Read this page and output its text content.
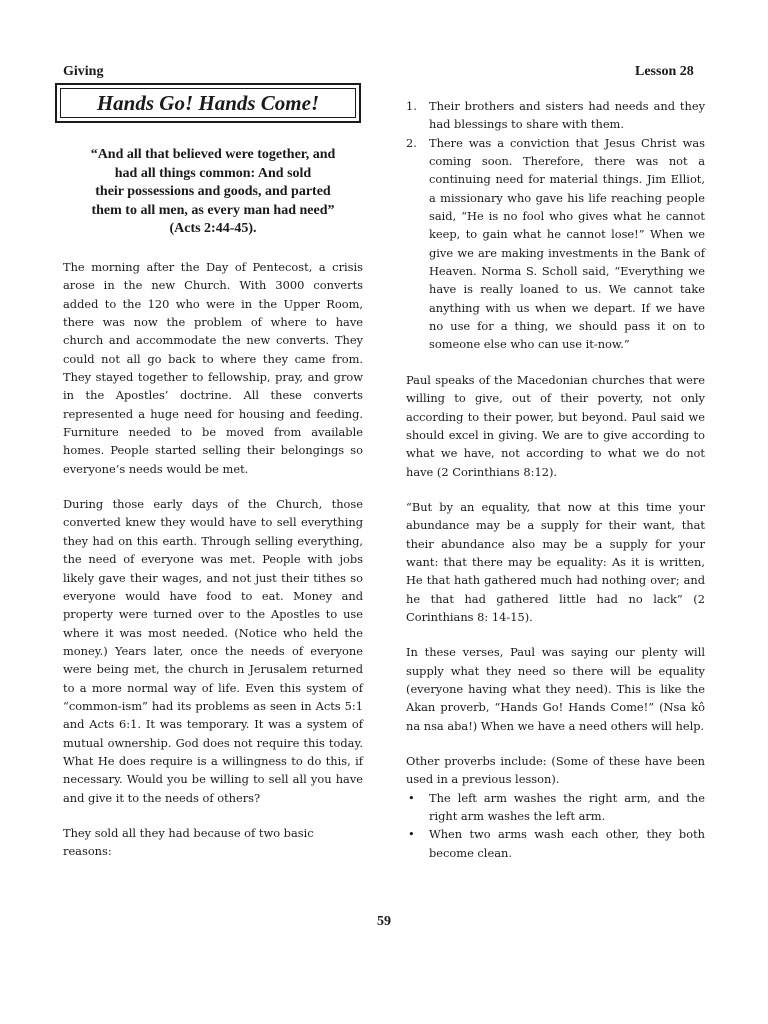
Giving	Lesson 28
Hands Go! Hands Come!
“And all that believed were together, and
had all things common: And sold
their possessions and goods, and parted
them to all men, as every man had need”
(Acts 2:44-45).

The morning after the Day of Pentecost, a crisis arose in the new Church. With 3000 converts added to the 120 who were in the Upper Room, there was now the problem of where to have church and accommodate the new converts. They could not all go back to where they came from. They stayed together to fellowship, pray, and grow in the Apostles’ doctrine. All these converts represented a huge need for housing and feeding. Furniture needed to be moved from available homes. People started selling their belongings so everyone’s needs would be met.

During those early days of the Church, those converted knew they would have to sell everything they had on this earth. Through selling everything, the need of everyone was met. People with jobs likely gave their wages, and not just their tithes so everyone would have food to eat. Money and property were turned over to the Apostles to use where it was most needed. (Notice who held the money.) Years later, once the needs of everyone were being met, the church in Jerusalem returned to a more normal way of life. Even this system of “common-ism” had its problems as seen in Acts 5:1 and Acts 6:1. It was temporary. It was a system of mutual ownership. God does not require this today. What He does require is a willingness to do this, if necessary. Would you be willing to sell all you have and give it to the needs of others?

They sold all they had because of two basic reasons:

1. Their brothers and sisters had needs and they had blessings to share with them.
2. There was a conviction that Jesus Christ was coming soon. Therefore, there was not a continuing need for material things. Jim Elliot, a missionary who gave his life reaching people said, “He is no fool who gives what he cannot keep, to gain what he cannot lose!” When we give we are making investments in the Bank of Heaven. Norma S. Scholl said, “Everything we have is really loaned to us. We cannot take anything with us when we depart. If we have no use for a thing, we should pass it on to someone else who can use it-now.”

Paul speaks of the Macedonian churches that were willing to give, out of their poverty, not only according to their power, but beyond. Paul said we should excel in giving. We are to give according to what we have, not according to what we do not have (2 Corinthians 8:12).

“But by an equality, that now at this time your abundance may be a supply for their want, that their abundance also may be a supply for your want: that there may be equality: As it is written, He that hath gathered much had nothing over; and he that had gathered little had no lack” (2 Corinthians 8: 14-15).

In these verses, Paul was saying our plenty will supply what they need so there will be equality (everyone having what they need). This is like the Akan proverb, “Hands Go! Hands Come!” (Nsa kô na nsa aba!) When we have a need others will help.

Other proverbs include: (Some of these have been used in a previous lesson).

• The left arm washes the right arm, and the right arm washes the left arm.
• When two arms wash each other, they both become clean.
59
